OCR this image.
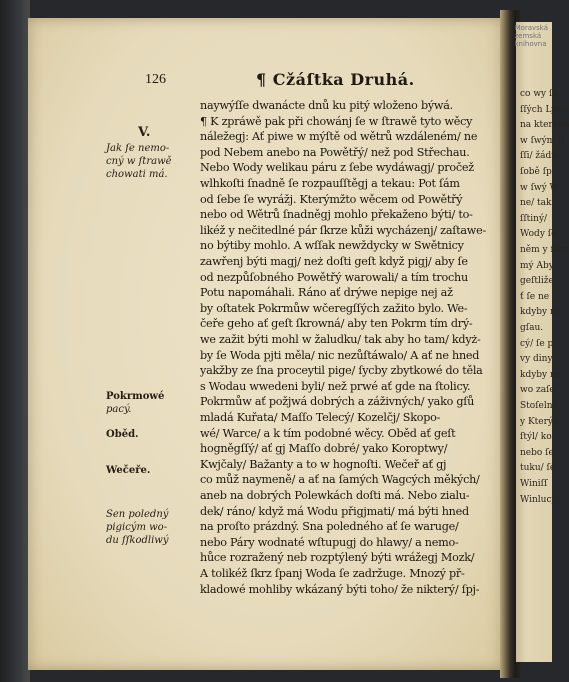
126	¶ Cžáſtka Druhá.
V.
Jak ſe nemo-
cný w ſtrawě
chowati má.
Pokrmowé
pacý.
Oběd.
Wečeře.
Sen poledný
pigicým wo-
du ſſkodliwý
naywýſſe dwanácte dnů ku pitý wloženo býwá.
¶ K zpráwě pak při chowánj ſe w ſtrawě tyto wěcy
náležegj: Ať piwe w mýſtě od wětrů wzdáleném/ ne
pod Nebem anebo na Powětřý/ než pod Střechau.
Nebo Wody welikau páru z ſebe wydáwagj/ pročež
wlhkoſti ſnadně ſe rozpauſſtěgj a tekau: Pot ſám
od ſebe ſe wyrážj. Kterýmžto wěcem od Powětřý
nebo od Wětrů ſnadněgj mohlo překaženo býti/ to-
likéž y nečitedlné pár ſkrze kůži wycházenj/ zaſtawe-
no býtiby mohlo. A wſſak newždycky w Swětnicy
zawřenj býti magj/ neż doſti geſt když pigj/ aby ſe
od nezpůſobného Powětřý warowali/ a tím trochu
Potu napomáhali. Ráno ať drýwe nepige nej až
by oſtatek Pokrmůw wčeregſſých zažito bylo. We-
čeře geho ať geſt ſkrowná/ aby ten Pokrm tím drý-
we zažit býti mohl w žaludku/ tak aby ho tam/ kdyż-
by ſe Woda pjti měla/ nic nezůſtáwalo/ A ať ne hned
yakžby ze ſna proceytil pige/ ſycby zbytkowé do těla
s Wodau wwedeni byli/ než prwé ať gde na ſtolicy.
Pokrmůw ať požjwá dobrých a záživných/ yako gſů
mladá Kuřata/ Maſſo Telecý/ Kozelčj/ Skopo-
wé/ Warce/ a k tím podobné wěcy. Oběd ať geſt
hogněgſſý/ ať gj Maſſo dobré/ yako Koroptwy/
Kwjčaly/ Bažanty a to w hognoſti. Wečeř ať gj
co můž naymeně/ a ať na ſamých Wagcých měkých/
aneb na dobrých Polewkách doſti má. Nebo zialu-
dek/ ráno/ když má Wodu přigjmati/ má býti hned
na proſto prázdný. Sna poledného ať ſe warugе/
nebo Páry wodnaté wſtupugj do hlawy/ a nemo-
hůce rozražený neb rozptýlený býti wrážegj Mozk/
A tolikéž ſkrz ſpanj Woda ſe zadržuge. Mnozý př-
kladowé mohliby wkázaný býti toho/ že nikterý/ ſpj-
Moravská zemská knihovna
co wy ſo
ſſých Lyco
na kterého
w ſwým ſt
ſſi/ žádn
ſobě ſp
w ſwý W
ne/ tak
ſſtiný/
Wody ſe
něm y ſam
mý Aby
geſtliže
ť ſe ne
kdyby m
gſau.
cý/ ſe p
vy diny
kdyby ne
wo zaſe
Stoſelný
y Kterýc
ſtýl/ ko
nebo ſe
tuku/ ſe
Winiſſ
Winlucy/
